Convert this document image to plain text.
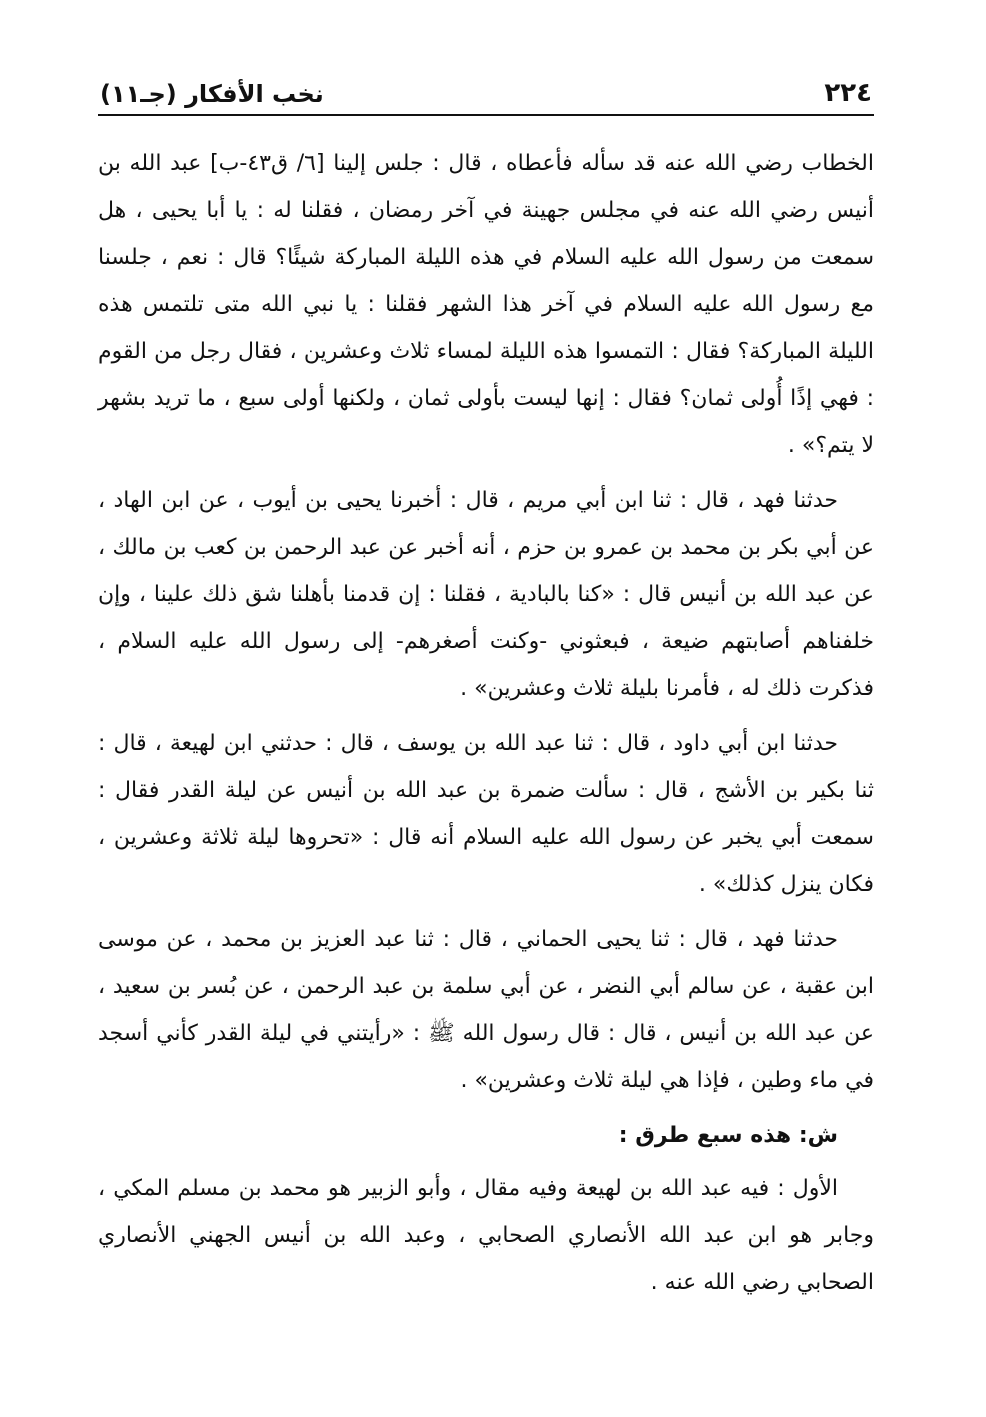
٢٢٤
نخب الأفكار (جـ١١)

الخطاب رضي الله عنه قد سأله فأعطاه ، قال : جلس إلينا [٦/ ق٤٣-ب] عبد الله بن أنيس رضي الله عنه في مجلس جهينة في آخر رمضان ، فقلنا له : يا أبا يحيى ، هل سمعت من رسول الله عليه السلام في هذه الليلة المباركة شيئًا؟ قال : نعم ، جلسنا مع رسول الله عليه السلام في آخر هذا الشهر فقلنا : يا نبي الله متى تلتمس هذه الليلة المباركة؟ فقال : التمسوا هذه الليلة لمساء ثلاث وعشرين ، فقال رجل من القوم : فهي إذًا أُولى ثمان؟ فقال : إنها ليست بأولى ثمان ، ولكنها أولى سبع ، ما تريد بشهر لا يتم؟» .

حدثنا فهد ، قال : ثنا ابن أبي مريم ، قال : أخبرنا يحيى بن أيوب ، عن ابن الهاد ، عن أبي بكر بن محمد بن عمرو بن حزم ، أنه أخبر عن عبد الرحمن بن كعب بن مالك ، عن عبد الله بن أنيس قال : «كنا بالبادية ، فقلنا : إن قدمنا بأهلنا شق ذلك علينا ، وإن خلفناهم أصابتهم ضيعة ، فبعثوني -وكنت أصغرهم- إلى رسول الله عليه السلام ، فذكرت ذلك له ، فأمرنا بليلة ثلاث وعشرين» .

حدثنا ابن أبي داود ، قال : ثنا عبد الله بن يوسف ، قال : حدثني ابن لهيعة ، قال : ثنا بكير بن الأشج ، قال : سألت ضمرة بن عبد الله بن أنيس عن ليلة القدر فقال : سمعت أبي يخبر عن رسول الله عليه السلام أنه قال : «تحروها ليلة ثلاثة وعشرين ، فكان ينزل كذلك» .

حدثنا فهد ، قال : ثنا يحيى الحماني ، قال : ثنا عبد العزيز بن محمد ، عن موسى ابن عقبة ، عن سالم أبي النضر ، عن أبي سلمة بن عبد الرحمن ، عن بُسر بن سعيد ، عن عبد الله بن أنيس ، قال : قال رسول الله ﷺ : «رأيتني في ليلة القدر كأني أسجد في ماء وطين ، فإذا هي ليلة ثلاث وعشرين» .

ش: هذه سبع طرق :

الأول : فيه عبد الله بن لهيعة وفيه مقال ، وأبو الزبير هو محمد بن مسلم المكي ، وجابر هو ابن عبد الله الأنصاري الصحابي ، وعبد الله بن أنيس الجهني الأنصاري الصحابي رضي الله عنه .
